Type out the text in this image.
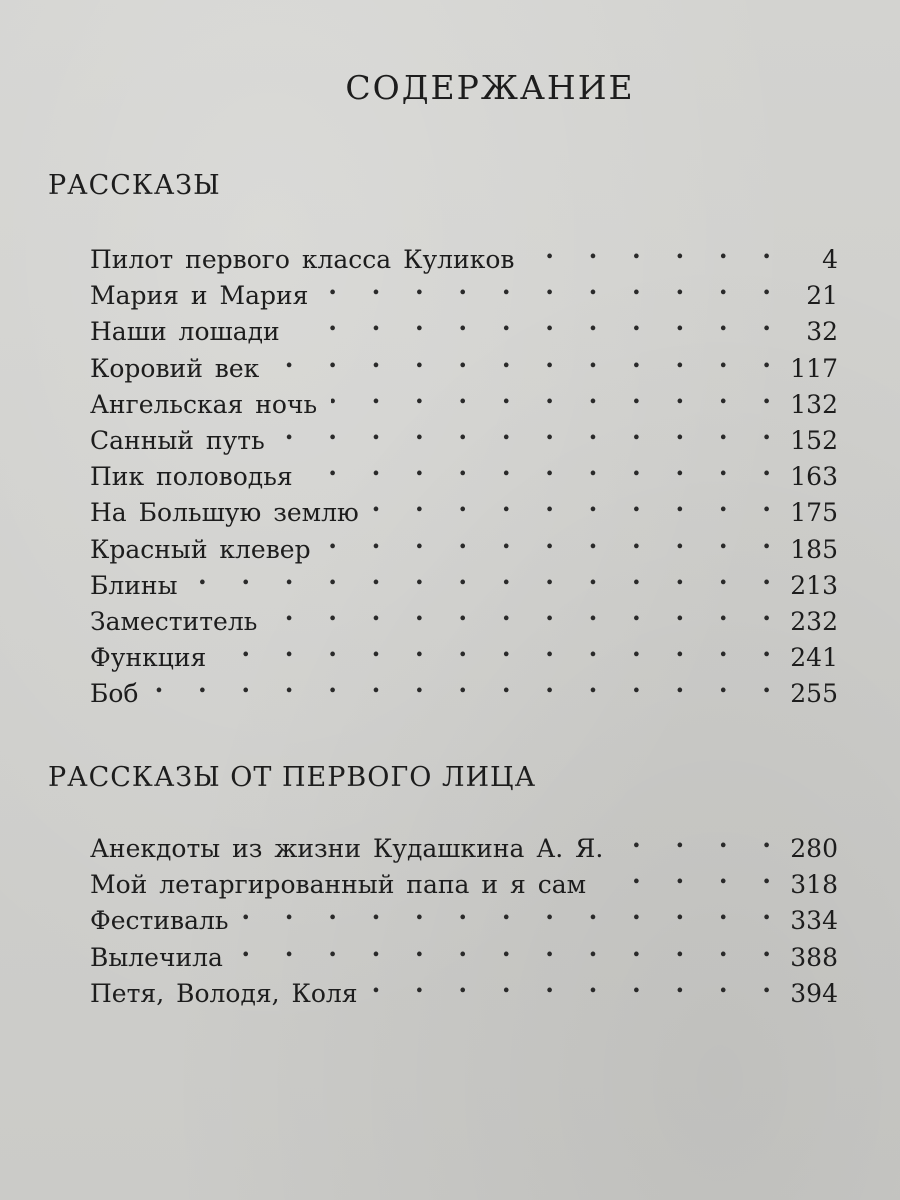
СОДЕРЖАНИЕ
РАССКАЗЫ
Пилот первого класса Куликов . . .	4
Мария и Мария . . .	21
Наши лошади . . .	32
Коровий век . . .	117
Ангельская ночь . . .	132
Санный путь . . .	152
Пик половодья . . .	163
На Большую землю . . .	175
Красный клевер . . .	185
Блины . . .	213
Заместитель . . .	232
Функция . . .	241
Боб . . .	255
РАССКАЗЫ ОТ ПЕРВОГО ЛИЦА
Анекдоты из жизни Кудашкина А. Я. . . .	280
Мой летаргированный папа и я сам . . .	318
Фестиваль . . .	334
Вылечила . . .	388
Петя, Володя, Коля . . .	394
